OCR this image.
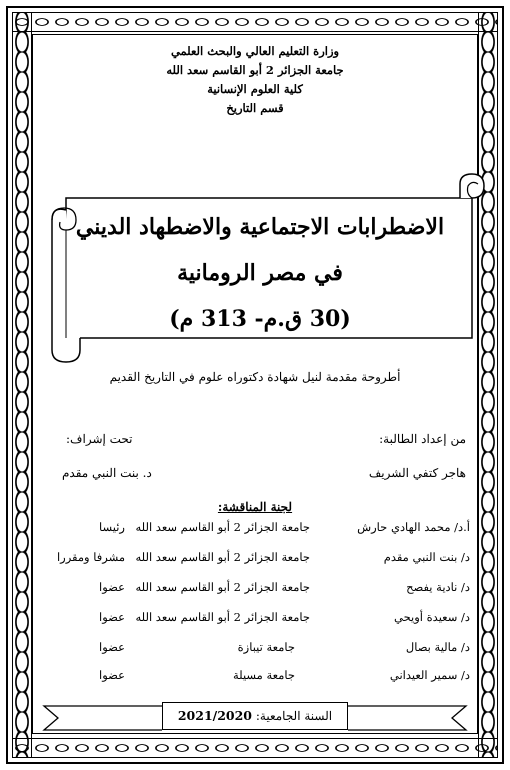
وزارة التعليم العالي والبحث العلمي
جامعة الجزائر 2 أبو القاسم سعد الله
كلية العلوم الإنسانية
قسم التاريخ
الاضطرابات الاجتماعية والاضطهاد الديني
في مصر الرومانية
(30 ق.م- 313 م)
أطروحة مقدمة لنيل شهادة دكتوراه علوم في التاريخ القديم
من إعداد الطالبة:
هاجر كتفي الشريف
تحت إشراف:
د. بنت النبي مقدم
لجنة المناقشة:
أ.د/ محمد الهادي حارش
جامعة الجزائر 2 أبو القاسم سعد الله
رئيسا
د/ بنت النبي مقدم
جامعة الجزائر 2 أبو القاسم سعد الله
مشرفا ومقررا
د/ نادية يفصح
جامعة الجزائر 2 أبو القاسم سعد الله
عضوا
د/ سعيدة أويحي
جامعة الجزائر 2 أبو القاسم سعد الله
عضوا
د/ مالية بصال
جامعة تيبازة
عضوا
د/ سمير العيداني
جامعة مسيلة
عضوا
السنة الجامعية: 2021/2020
